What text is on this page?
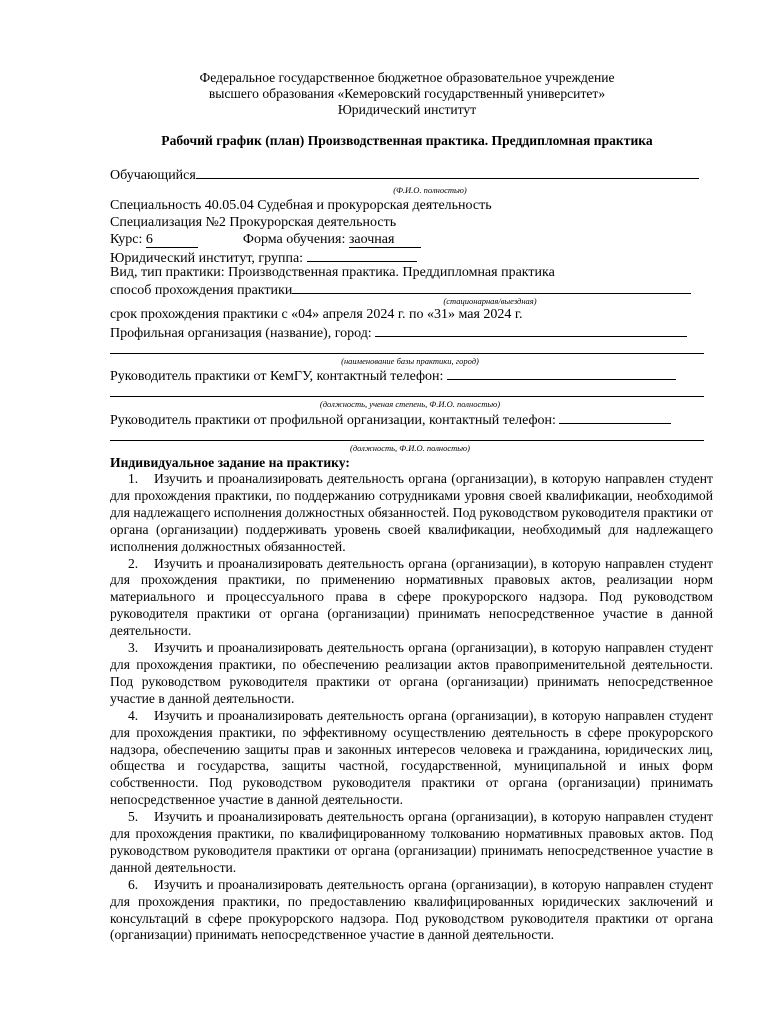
Федеральное государственное бюджетное образовательное учреждение
высшего образования «Кемеровский государственный университет»
Юридический институт
Рабочий график (план) Производственная практика. Преддипломная практика
Обучающийся
(Ф.И.О. полностью)
Специальность 40.05.04 Судебная и прокурорская деятельность
Специализация №2 Прокурорская деятельность
Курс: 6	Форма обучения: заочная
Юридический институт, группа:
Вид, тип практики: Производственная практика. Преддипломная практика
способ прохождения практики
(стационарная/выездная)
срок прохождения практики с «04» апреля 2024 г. по «31» мая 2024 г.
Профильная организация (название), город:
(наименование базы практики, город)
Руководитель практики от КемГУ, контактный телефон:
(должность, ученая степень, Ф.И.О. полностью)
Руководитель практики от профильной организации, контактный телефон:
(должность, Ф.И.О. полностью)
Индивидуальное задание на практику:

1. Изучить и проанализировать деятельность органа (организации), в которую направлен студент для прохождения практики, по поддержанию сотрудниками уровня своей квалификации, необходимой для надлежащего исполнения должностных обязанностей. Под руководством руководителя практики от органа (организации) поддерживать уровень своей квалификации, необходимый для надлежащего исполнения должностных обязанностей.

2. Изучить и проанализировать деятельность органа (организации), в которую направлен студент для прохождения практики, по применению нормативных правовых актов, реализации норм материального и процессуального права в сфере прокурорского надзора. Под руководством руководителя практики от органа (организации) принимать непосредственное участие в данной деятельности.

3. Изучить и проанализировать деятельность органа (организации), в которую направлен студент для прохождения практики, по обеспечению реализации актов правоприменительной деятельности. Под руководством руководителя практики от органа (организации) принимать непосредственное участие в данной деятельности.

4. Изучить и проанализировать деятельность органа (организации), в которую направлен студент для прохождения практики, по эффективному осуществлению деятельность в сфере прокурорского надзора, обеспечению защиты прав и законных интересов человека и гражданина, юридических лиц, общества и государства, защиты частной, государственной, муниципальной и иных форм собственности. Под руководством руководителя практики от органа (организации) принимать непосредственное участие в данной деятельности.

5. Изучить и проанализировать деятельность органа (организации), в которую направлен студент для прохождения практики, по квалифицированному толкованию нормативных правовых актов. Под руководством руководителя практики от органа (организации) принимать непосредственное участие в данной деятельности.

6. Изучить и проанализировать деятельность органа (организации), в которую направлен студент для прохождения практики, по предоставлению квалифицированных юридических заключений и консультаций в сфере прокурорского надзора. Под руководством руководителя практики от органа (организации) принимать непосредственное участие в данной деятельности.
